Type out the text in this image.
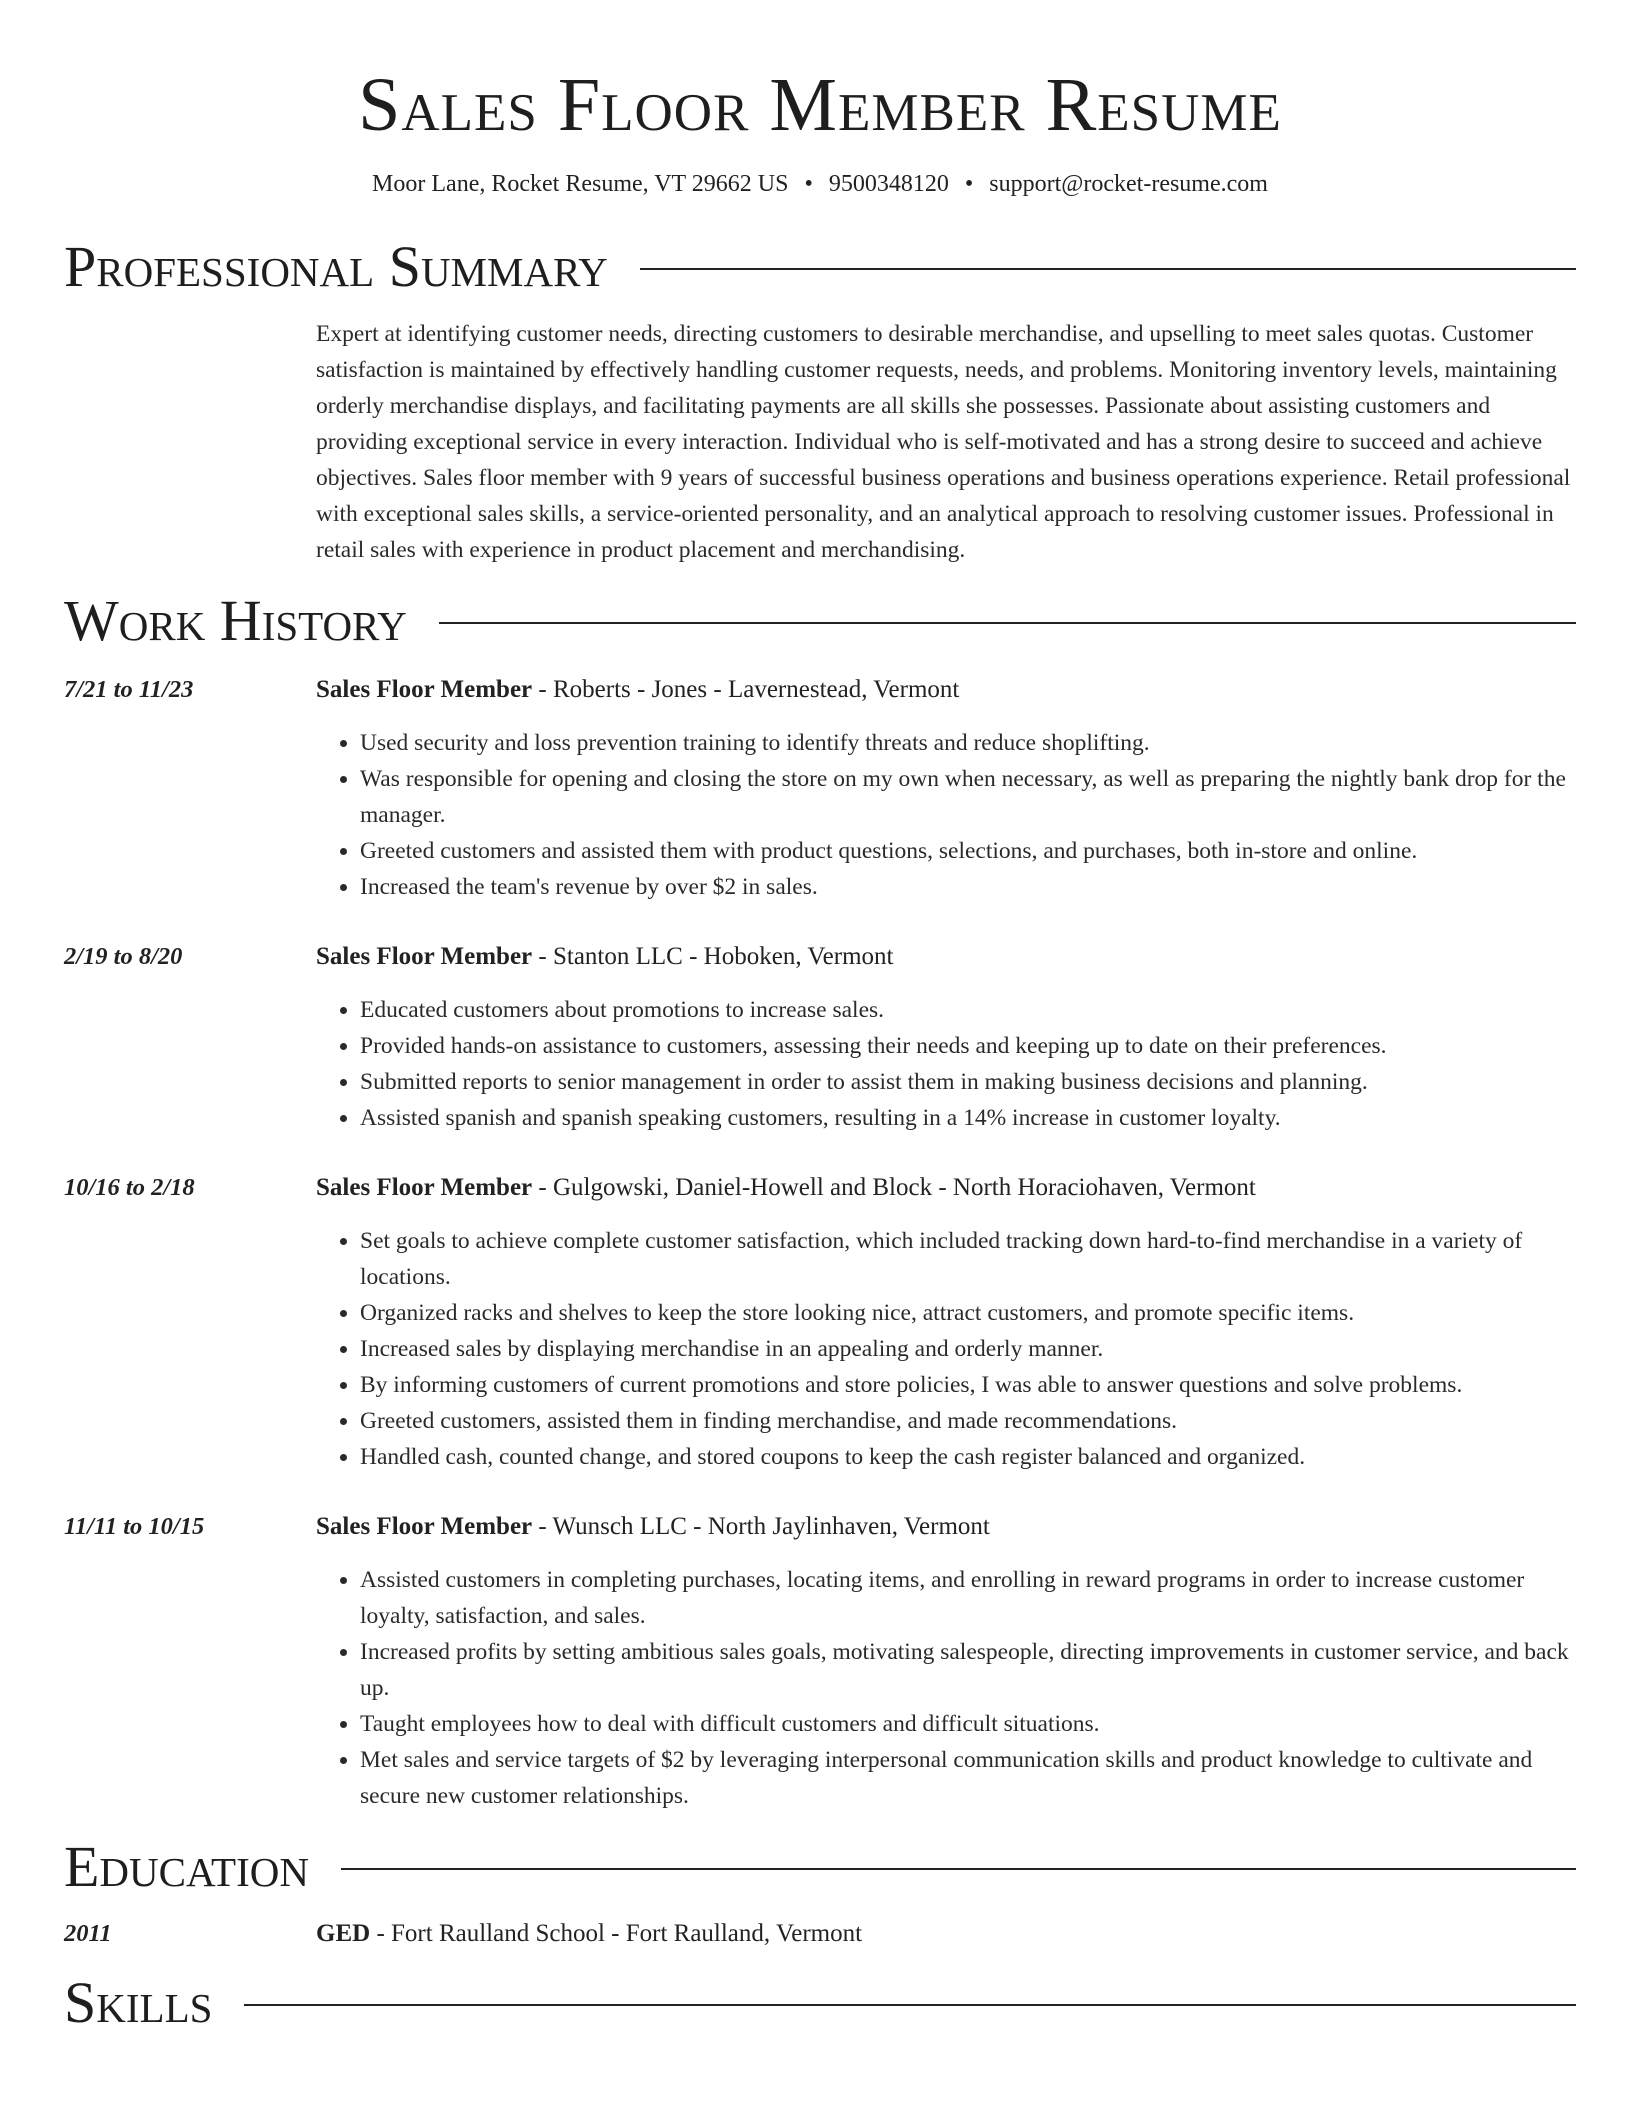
Sales Floor Member Resume
Moor Lane, Rocket Resume, VT 29662 US • 9500348120 • support@rocket-resume.com
Professional Summary
Expert at identifying customer needs, directing customers to desirable merchandise, and upselling to meet sales quotas. Customer satisfaction is maintained by effectively handling customer requests, needs, and problems. Monitoring inventory levels, maintaining orderly merchandise displays, and facilitating payments are all skills she possesses. Passionate about assisting customers and providing exceptional service in every interaction. Individual who is self-motivated and has a strong desire to succeed and achieve objectives. Sales floor member with 9 years of successful business operations and business operations experience. Retail professional with exceptional sales skills, a service-oriented personality, and an analytical approach to resolving customer issues. Professional in retail sales with experience in product placement and merchandising.
Work History
7/21 to 11/23	Sales Floor Member - Roberts - Jones - Lavernestead, Vermont
• Used security and loss prevention training to identify threats and reduce shoplifting.
• Was responsible for opening and closing the store on my own when necessary, as well as preparing the nightly bank drop for the manager.
• Greeted customers and assisted them with product questions, selections, and purchases, both in-store and online.
• Increased the team's revenue by over $2 in sales.
2/19 to 8/20	Sales Floor Member - Stanton LLC - Hoboken, Vermont
• Educated customers about promotions to increase sales.
• Provided hands-on assistance to customers, assessing their needs and keeping up to date on their preferences.
• Submitted reports to senior management in order to assist them in making business decisions and planning.
• Assisted spanish and spanish speaking customers, resulting in a 14% increase in customer loyalty.
10/16 to 2/18	Sales Floor Member - Gulgowski, Daniel-Howell and Block - North Horaciohaven, Vermont
• Set goals to achieve complete customer satisfaction, which included tracking down hard-to-find merchandise in a variety of locations.
• Organized racks and shelves to keep the store looking nice, attract customers, and promote specific items.
• Increased sales by displaying merchandise in an appealing and orderly manner.
• By informing customers of current promotions and store policies, I was able to answer questions and solve problems.
• Greeted customers, assisted them in finding merchandise, and made recommendations.
• Handled cash, counted change, and stored coupons to keep the cash register balanced and organized.
11/11 to 10/15	Sales Floor Member - Wunsch LLC - North Jaylinhaven, Vermont
• Assisted customers in completing purchases, locating items, and enrolling in reward programs in order to increase customer loyalty, satisfaction, and sales.
• Increased profits by setting ambitious sales goals, motivating salespeople, directing improvements in customer service, and back up.
• Taught employees how to deal with difficult customers and difficult situations.
• Met sales and service targets of $2 by leveraging interpersonal communication skills and product knowledge to cultivate and secure new customer relationships.
Education
2011	GED - Fort Raulland School - Fort Raulland, Vermont
Skills
